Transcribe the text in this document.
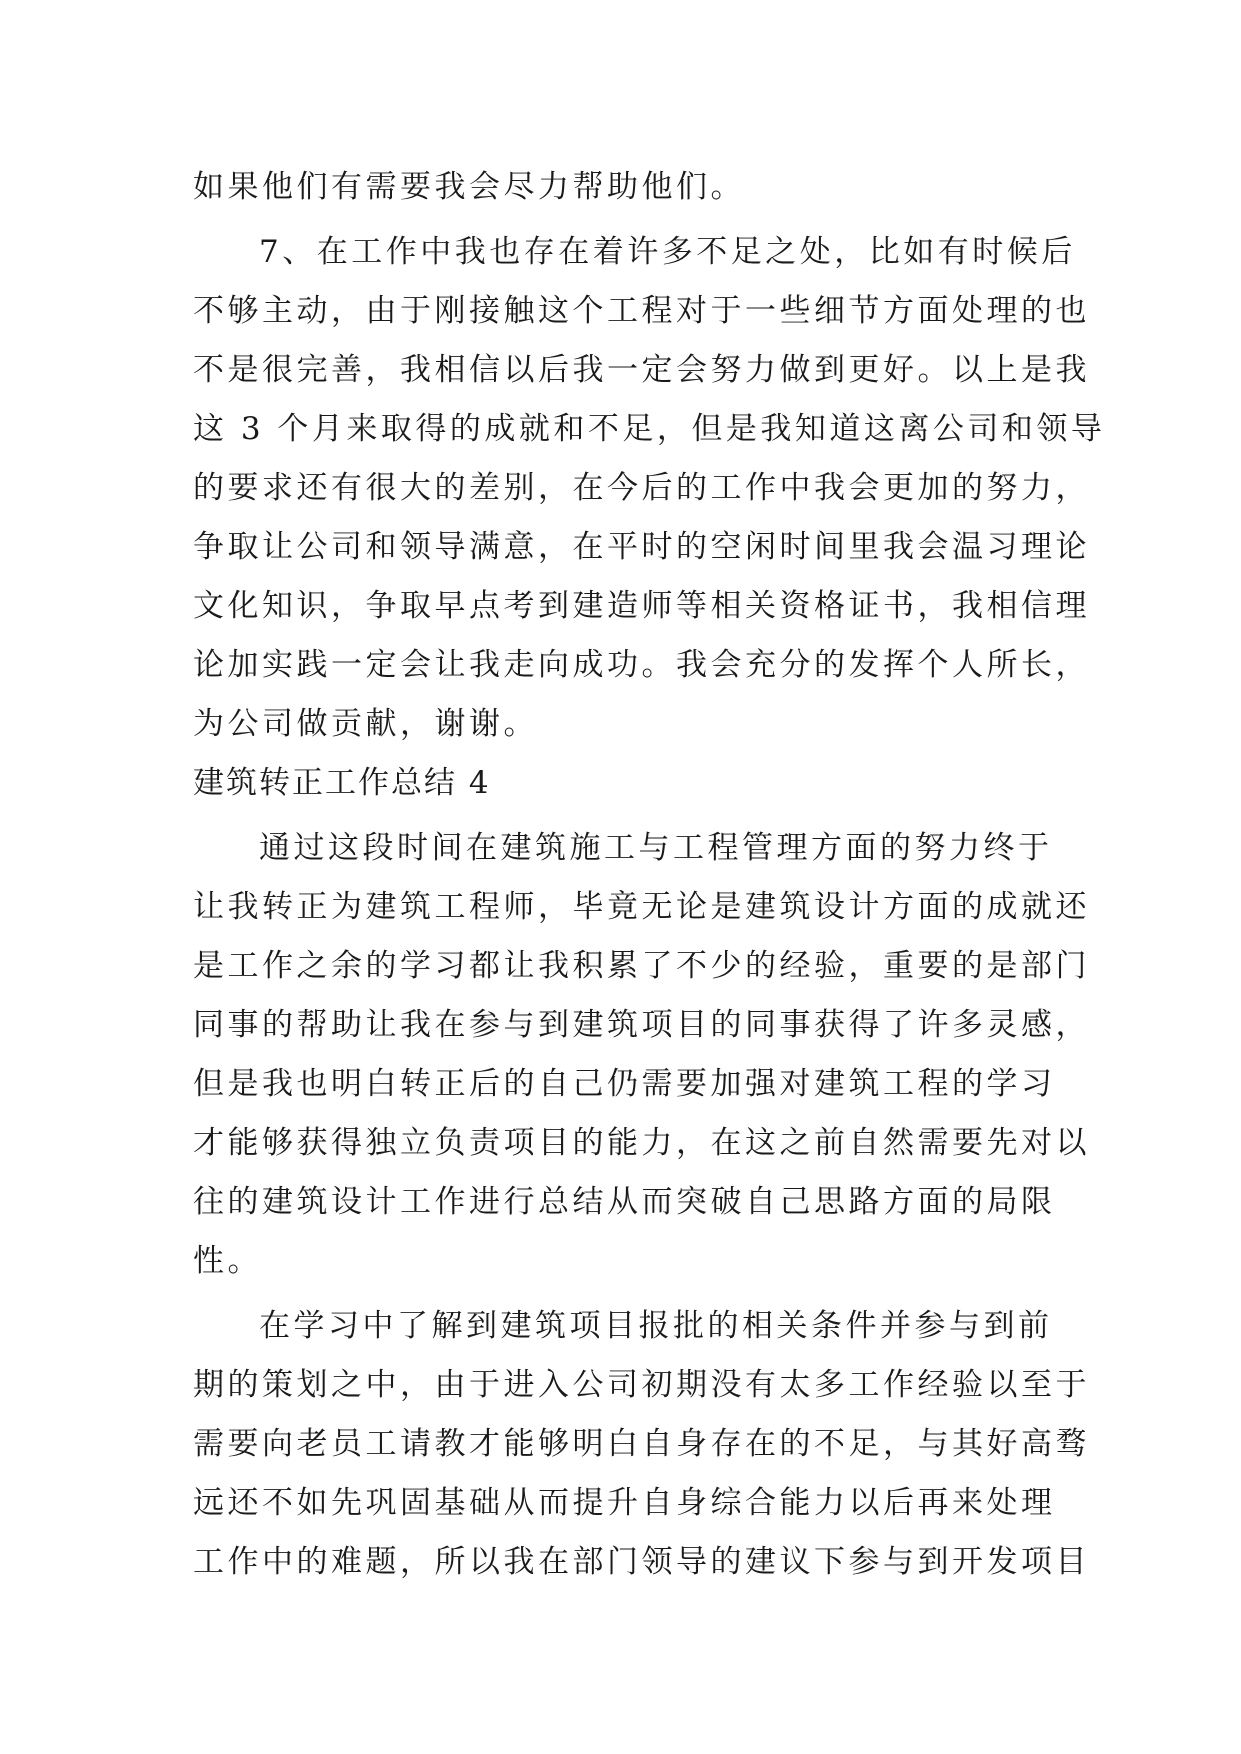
如果他们有需要我会尽力帮助他们。
7、在工作中我也存在着许多不足之处，比如有时候后
不够主动，由于刚接触这个工程对于一些细节方面处理的也
不是很完善，我相信以后我一定会努力做到更好。以上是我
这 3 个月来取得的成就和不足，但是我知道这离公司和领导
的要求还有很大的差别，在今后的工作中我会更加的努力，
争取让公司和领导满意，在平时的空闲时间里我会温习理论
文化知识，争取早点考到建造师等相关资格证书，我相信理
论加实践一定会让我走向成功。我会充分的发挥个人所长，
为公司做贡献，谢谢。
建筑转正工作总结 4
通过这段时间在建筑施工与工程管理方面的努力终于
让我转正为建筑工程师，毕竟无论是建筑设计方面的成就还
是工作之余的学习都让我积累了不少的经验，重要的是部门
同事的帮助让我在参与到建筑项目的同事获得了许多灵感，
但是我也明白转正后的自己仍需要加强对建筑工程的学习
才能够获得独立负责项目的能力，在这之前自然需要先对以
往的建筑设计工作进行总结从而突破自己思路方面的局限
性。
在学习中了解到建筑项目报批的相关条件并参与到前
期的策划之中，由于进入公司初期没有太多工作经验以至于
需要向老员工请教才能够明白自身存在的不足，与其好高骛
远还不如先巩固基础从而提升自身综合能力以后再来处理
工作中的难题，所以我在部门领导的建议下参与到开发项目
